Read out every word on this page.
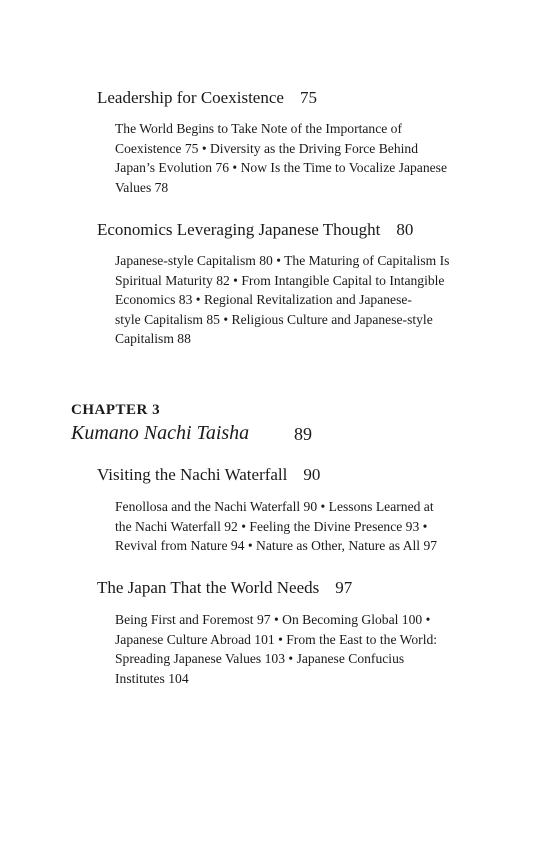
Leadership for Coexistence 75
The World Begins to Take Note of the Importance of
Coexistence 75 • Diversity as the Driving Force Behind
Japan’s Evolution 76 • Now Is the Time to Vocalize Japanese
Values 78
Economics Leveraging Japanese Thought 80
Japanese-style Capitalism 80 • The Maturing of Capitalism Is
Spiritual Maturity 82 • From Intangible Capital to Intangible
Economics 83 • Regional Revitalization and Japanese-
style Capitalism 85 • Religious Culture and Japanese-style
Capitalism 88
CHAPTER 3
Kumano Nachi Taisha 89
Visiting the Nachi Waterfall 90
Fenollosa and the Nachi Waterfall 90 • Lessons Learned at
the Nachi Waterfall 92 • Feeling the Divine Presence 93 •
Revival from Nature 94 • Nature as Other, Nature as All 97
The Japan That the World Needs 97
Being First and Foremost 97 • On Becoming Global 100 •
Japanese Culture Abroad 101 • From the East to the World:
Spreading Japanese Values 103 • Japanese Confucius
Institutes 104
